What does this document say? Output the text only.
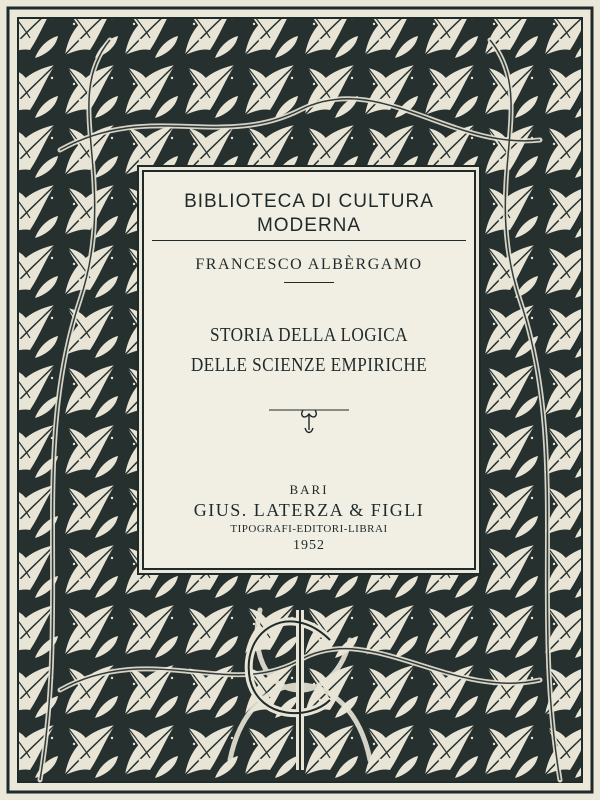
BIBLIOTECA DI CULTURA
MODERNA
FRANCESCO ALBÈRGAMO
STORIA DELLA LOGICA
DELLE SCIENZE EMPIRICHE
BARI
GIUS. LATERZA & FIGLI
TIPOGRAFI-EDITORI-LIBRAI
1952
